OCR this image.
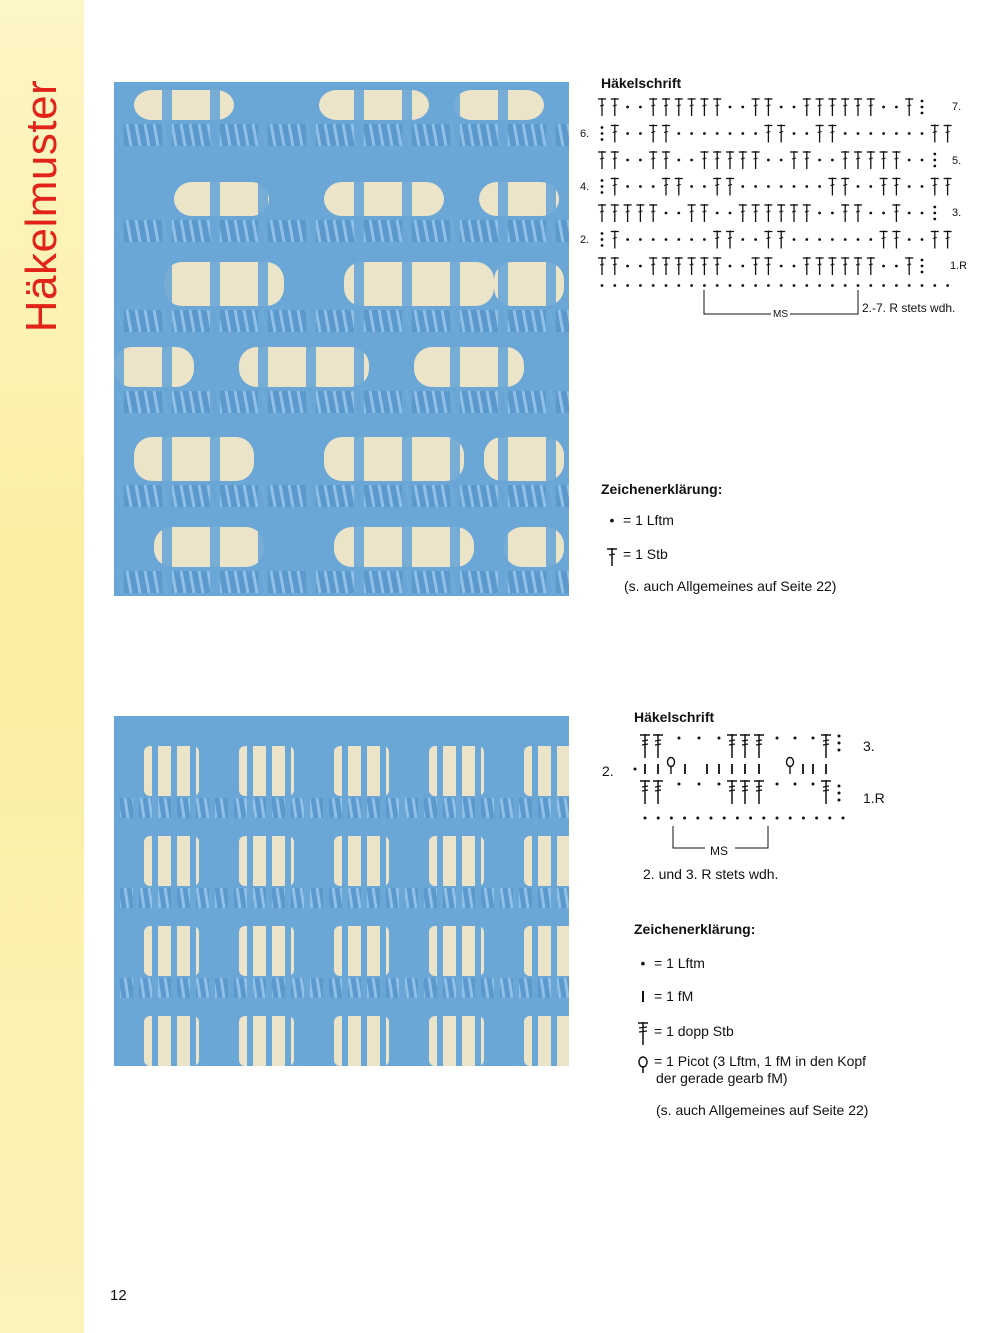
Häkelmuster	Häkelschrift
7.
5.
3.
1.R
6.
4.
2.
MS	2.-7. R stets wdh.
Zeichenerklärung:
• = 1 Lftm
= 1 Stb
(s. auch Allgemeines auf Seite 22)
Häkelschrift
3.
1.R
2.
MS
2. und 3. R stets wdh.
Zeichenerklärung:
• = 1 Lftm
= 1 fM
= 1 dopp Stb
= 1 Picot (3 Lftm, 1 fM in den Kopf
der gerade gearb fM)
(s. auch Allgemeines auf Seite 22)
12
